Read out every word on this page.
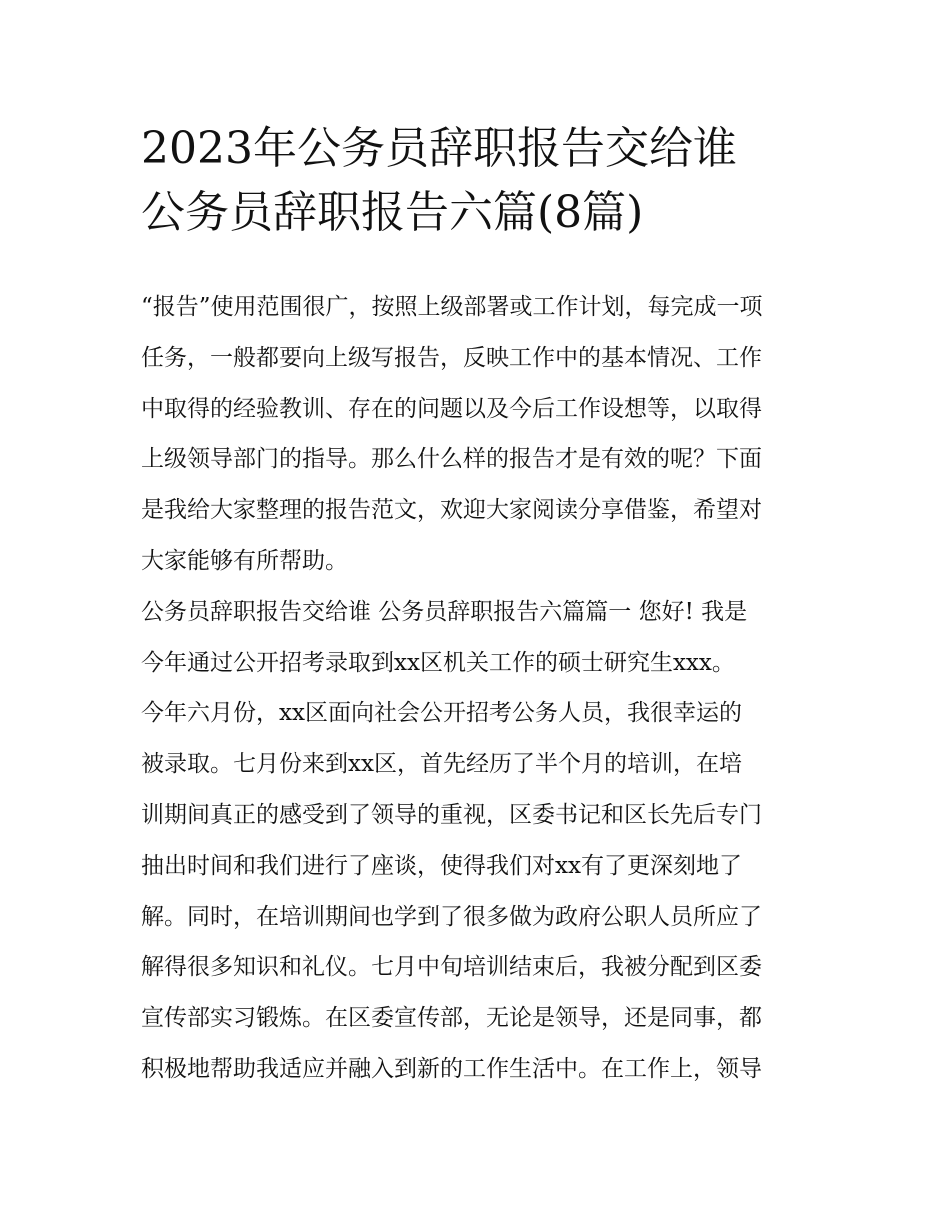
2023年公务员辞职报告交给谁
公务员辞职报告六篇(8篇)
“报告”使用范围很广，按照上级部署或工作计划，每完成一项
任务，一般都要向上级写报告，反映工作中的基本情况、工作
中取得的经验教训、存在的问题以及今后工作设想等，以取得
上级领导部门的指导。那么什么样的报告才是有效的呢？下面
是我给大家整理的报告范文，欢迎大家阅读分享借鉴，希望对
大家能够有所帮助。
公务员辞职报告交给谁 公务员辞职报告六篇篇一 您好! 我是
今年通过公开招考录取到xx区机关工作的硕士研究生xxx。
今年六月份，xx区面向社会公开招考公务人员，我很幸运的
被录取。七月份来到xx区，首先经历了半个月的培训，在培
训期间真正的感受到了领导的重视，区委书记和区长先后专门
抽出时间和我们进行了座谈，使得我们对xx有了更深刻地了
解。同时，在培训期间也学到了很多做为政府公职人员所应了
解得很多知识和礼仪。七月中旬培训结束后，我被分配到区委
宣传部实习锻炼。在区委宣传部，无论是领导，还是同事，都
积极地帮助我适应并融入到新的工作生活中。在工作上，领导
